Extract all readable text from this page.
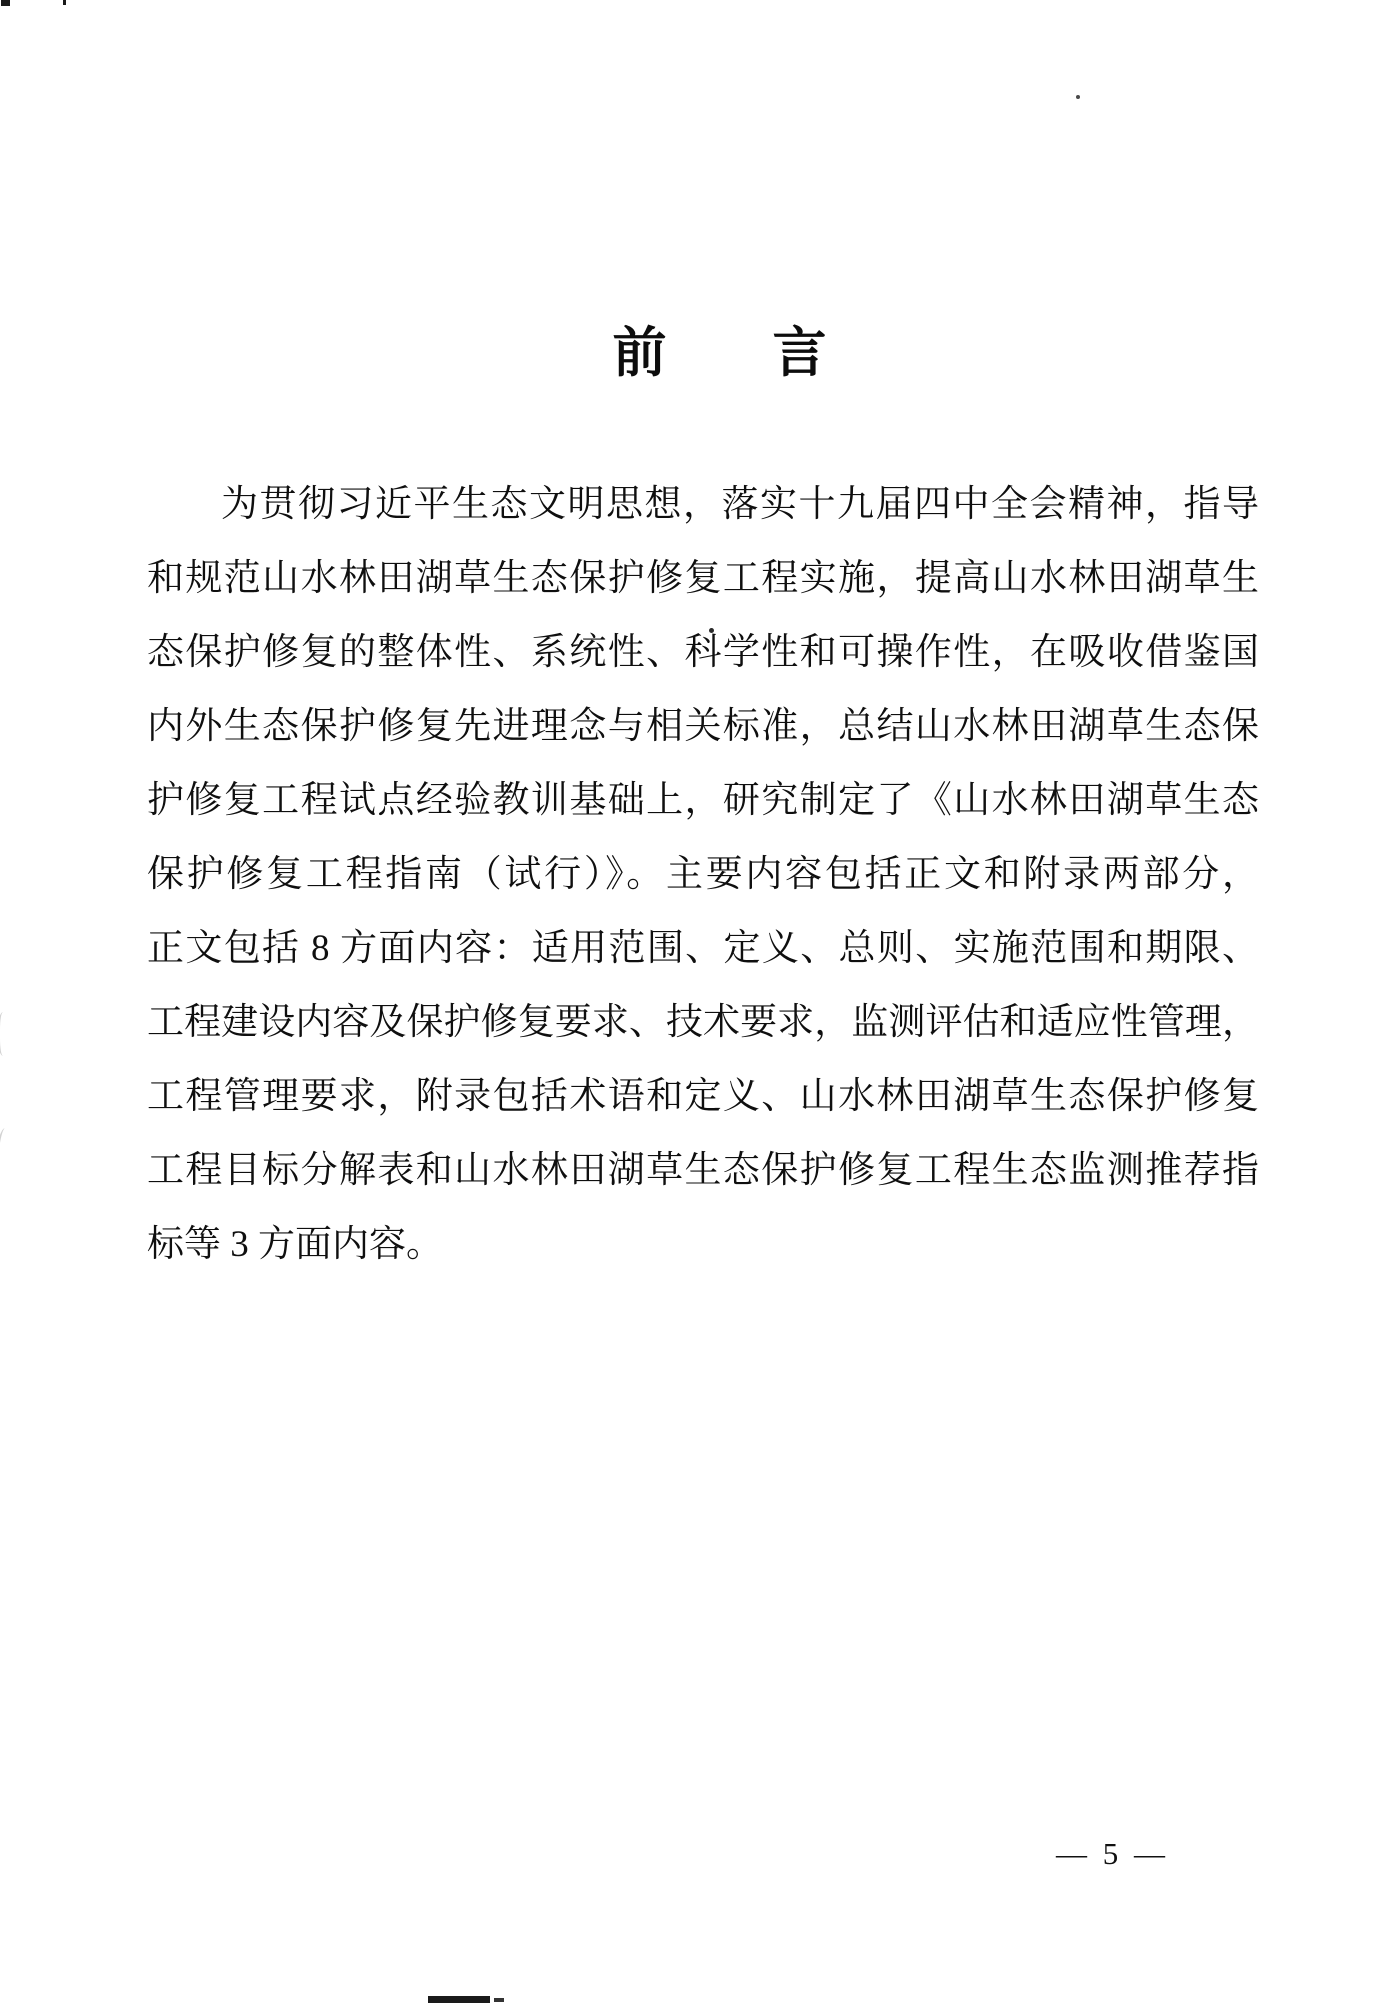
前 言
为贯彻习近平生态文明思想，落实十九届四中全会精神，指导
和规范山水林田湖草生态保护修复工程实施，提高山水林田湖草生
态保护修复的整体性、系统性、科学性和可操作性，在吸收借鉴国
内外生态保护修复先进理念与相关标准，总结山水林田湖草生态保
护修复工程试点经验教训基础上，研究制定了《山水林田湖草生态
保护修复工程指南（试行）》。主要内容包括正文和附录两部分，
正文包括 8 方面内容：适用范围、定义、总则、实施范围和期限、
工程建设内容及保护修复要求、技术要求，监测评估和适应性管理，
工程管理要求，附录包括术语和定义、山水林田湖草生态保护修复
工程目标分解表和山水林田湖草生态保护修复工程生态监测推荐指
标等 3 方面内容。
— 5 —
